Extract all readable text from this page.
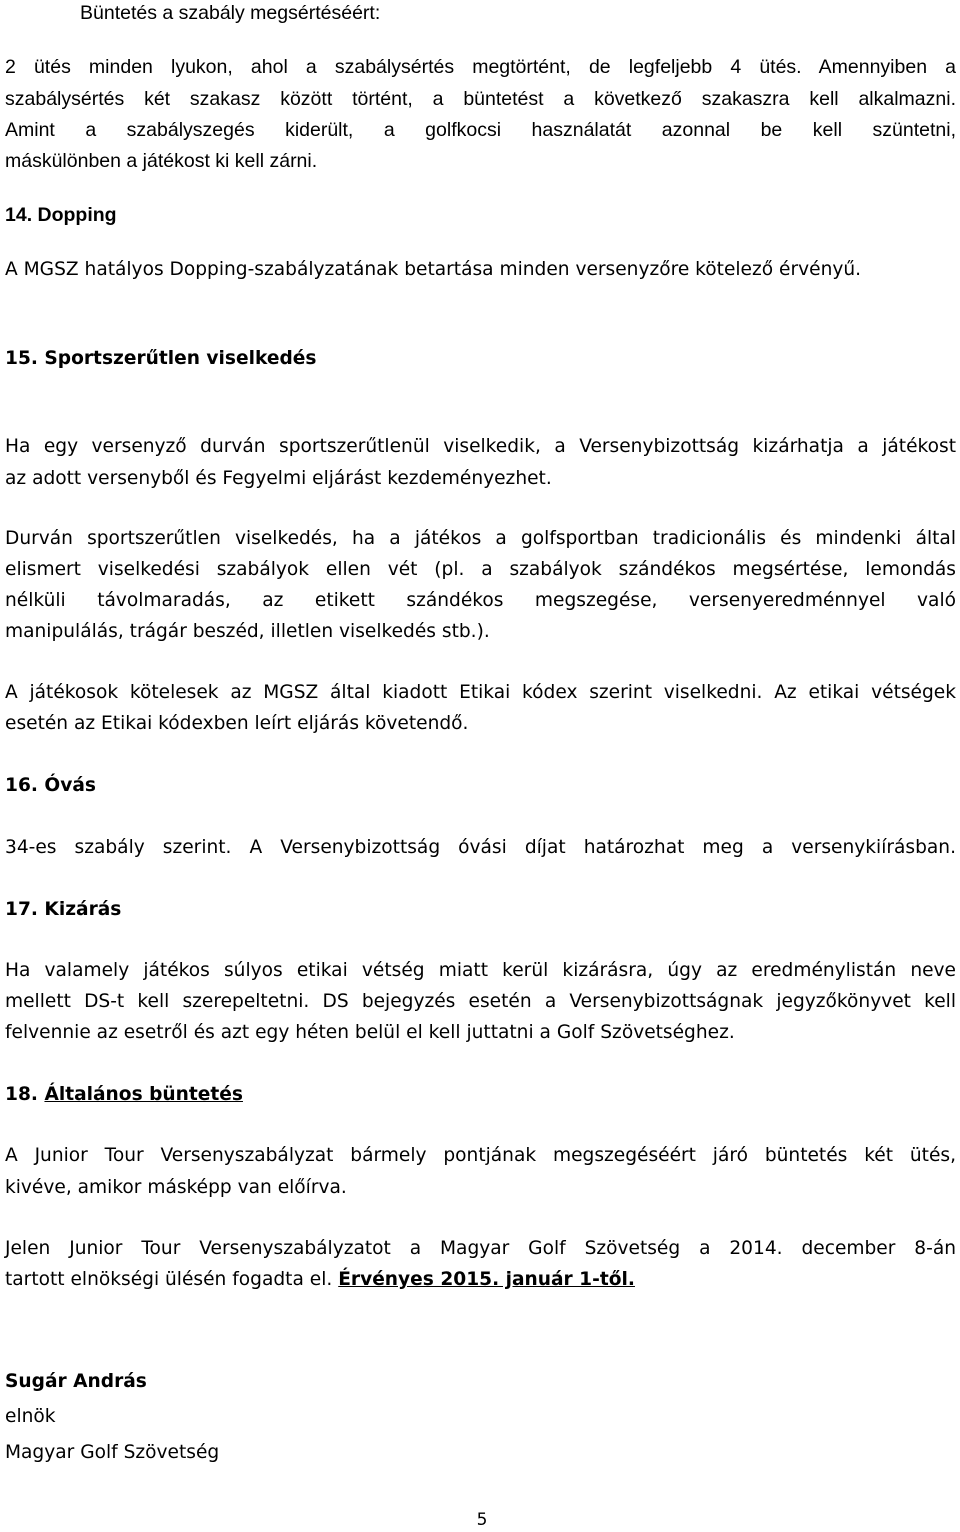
Büntetés a szabály megsértéséért:
2 ütés minden lyukon, ahol a szabálysértés megtörtént, de legfeljebb 4 ütés. Amennyiben a
szabálysértés két szakasz között történt, a büntetést a következő szakaszra kell alkalmazni.
Amint a szabályszegés kiderült, a golfkocsi használatát azonnal be kell szüntetni,
máskülönben a játékost ki kell zárni.
14. Dopping
A MGSZ hatályos Dopping-szabályzatának betartása minden versenyzőre kötelező érvényű.
15. Sportszerűtlen viselkedés
Ha egy versenyző durván sportszerűtlenül viselkedik, a Versenybizottság kizárhatja a játékost
az adott versenyből és Fegyelmi eljárást kezdeményezhet.
Durván sportszerűtlen viselkedés, ha a játékos a golfsportban tradicionális és mindenki által
elismert viselkedési szabályok ellen vét (pl. a szabályok szándékos megsértése, lemondás
nélküli távolmaradás, az etikett szándékos megszegése, versenyeredménnyel való
manipulálás, trágár beszéd, illetlen viselkedés stb.).
A játékosok kötelesek az MGSZ által kiadott Etikai kódex szerint viselkedni. Az etikai vétségek
esetén az Etikai kódexben leírt eljárás követendő.
16. Óvás
34-es szabály szerint. A Versenybizottság óvási díjat határozhat meg a versenykiírásban.
17. Kizárás
Ha valamely játékos súlyos etikai vétség miatt kerül kizárásra, úgy az eredménylistán neve
mellett DS-t kell szerepeltetni. DS bejegyzés esetén a Versenybizottságnak jegyzőkönyvet kell
felvennie az esetről és azt egy héten belül el kell juttatni a Golf Szövetséghez.
18. Általános büntetés
A Junior Tour Versenyszabályzat bármely pontjának megszegéséért járó büntetés két ütés,
kivéve, amikor másképp van előírva.
Jelen Junior Tour Versenyszabályzatot a Magyar Golf Szövetség a 2014. december 8-án
tartott elnökségi ülésén fogadta el. Érvényes 2015. január 1-től.
Sugár András
elnök
Magyar Golf Szövetség
5
